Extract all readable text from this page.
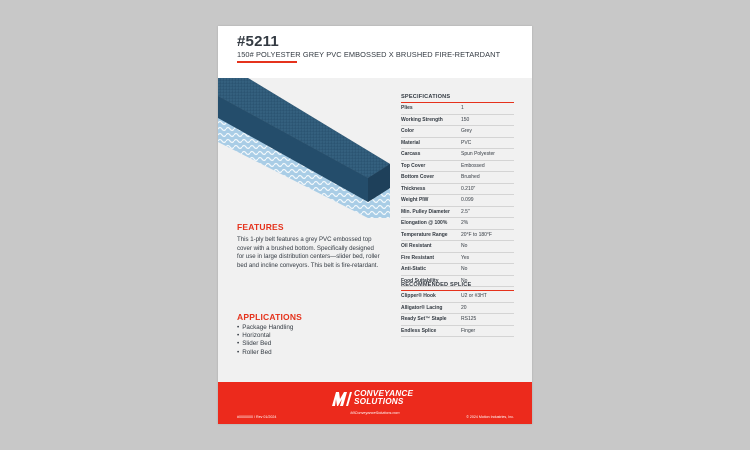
#5211
150# POLYESTER GREY PVC EMBOSSED X BRUSHED FIRE-RETARDANT
FEATURES
This 1-ply belt features a grey PVC embossed top cover with a brushed bottom. Specifically designed for use in large distribution centers—slider bed, roller bed and incline conveyors. This belt is fire-retardant.
APPLICATIONS
• Package Handling
• Horizontal
• Slider Bed
• Roller Bed
SPECIFICATIONS
Plies	1
Working Strength	150
Color	Grey
Material	PVC
Carcass	Spun Polyester
Top Cover	Embossed
Bottom Cover	Brushed
Thickness	0.210"
Weight PIW	0.099
Min. Pulley Diameter 2.5"
Elongation @ 100%	2%
Temperature Range	20°F to 180°F
Oil Resistant	No
Fire Resistant	Yes
Anti-Static	No
Food Suitability	No
RECOMMENDED SPLICE
Clipper® Hook	U2 or #3HT
Alligator® Lacing	20
Ready Set™ Staple	RS125
Endless Splice	Finger
CONVEYANCE
SOLUTIONS
MIConveyanceSolutions.com
#0000000 / Rev 01/2024	© 2024 Motion Industries, Inc.
